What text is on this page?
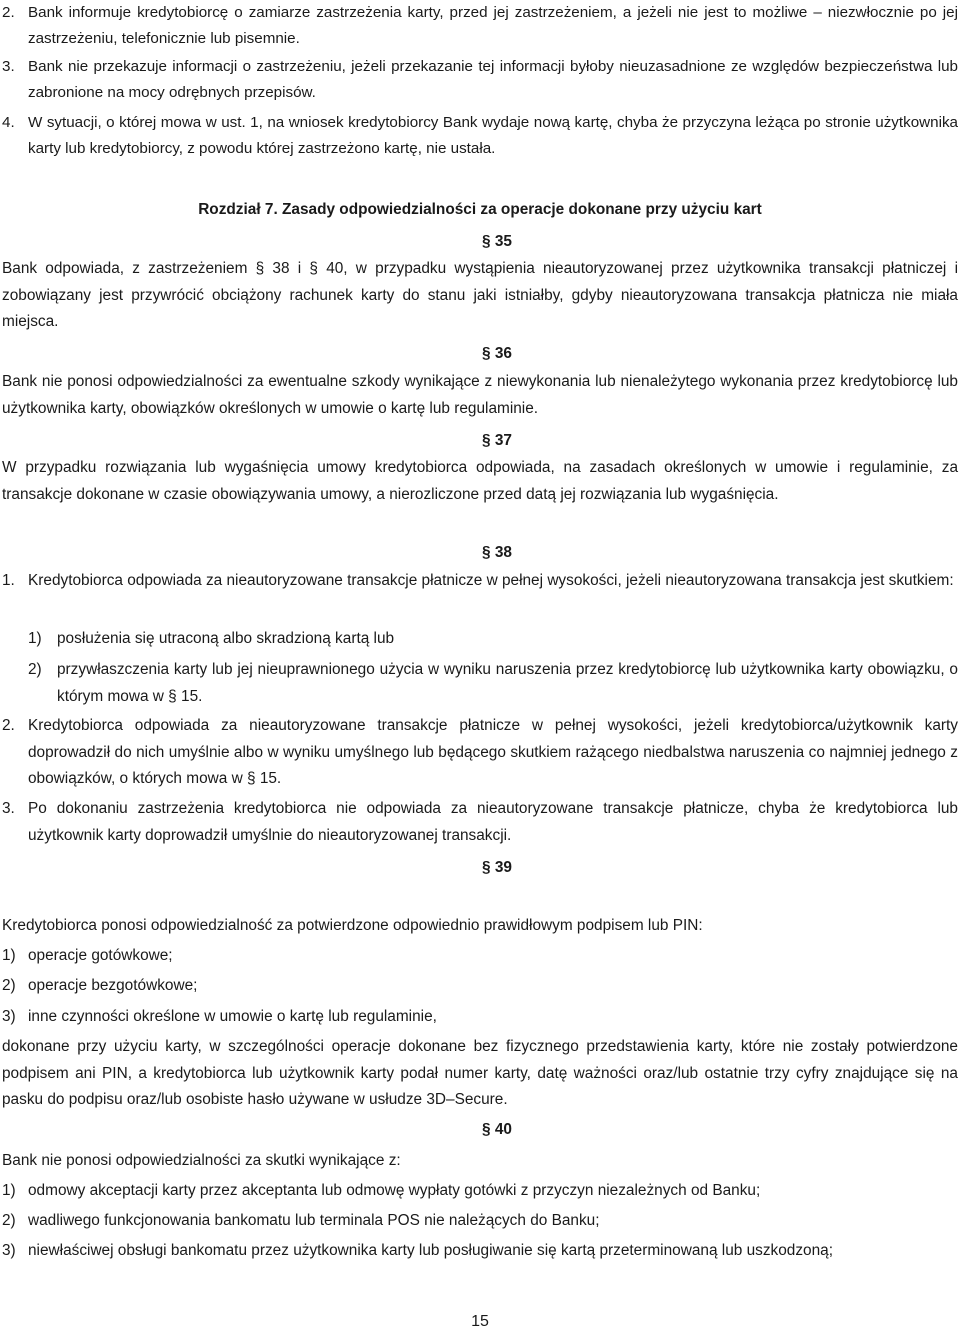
2. Bank informuje kredytobiorcę o zamiarze zastrzeżenia karty, przed jej zastrzeżeniem, a jeżeli nie jest to możliwe – niezwłocznie po jej zastrzeżeniu, telefonicznie lub pisemnie.
3. Bank nie przekazuje informacji o zastrzeżeniu, jeżeli przekazanie tej informacji byłoby nieuzasadnione ze względów bezpieczeństwa lub zabronione na mocy odrębnych przepisów.
4. W sytuacji, o której mowa w ust. 1, na wniosek kredytobiorcy Bank wydaje nową kartę, chyba że przyczyna leżąca po stronie użytkownika karty lub kredytobiorcy, z powodu której zastrzeżono kartę, nie ustała.
Rozdział 7. Zasady odpowiedzialności za operacje dokonane przy użyciu kart
§ 35
Bank odpowiada, z zastrzeżeniem § 38 i § 40, w przypadku wystąpienia nieautoryzowanej przez użytkownika transakcji płatniczej i zobowiązany jest przywrócić obciążony rachunek karty do stanu jaki istniałby, gdyby nieautoryzowana transakcja płatnicza nie miała miejsca.
§ 36
Bank nie ponosi odpowiedzialności za ewentualne szkody wynikające z niewykonania lub nienależytego wykonania przez kredytobiorcę lub użytkownika karty, obowiązków określonych w umowie o kartę lub regulaminie.
§ 37
W przypadku rozwiązania lub wygaśnięcia umowy kredytobiorca odpowiada, na zasadach określonych w umowie i regulaminie, za transakcje dokonane w czasie obowiązywania umowy, a nierozliczone przed datą jej rozwiązania lub wygaśnięcia.
§ 38
1. Kredytobiorca odpowiada za nieautoryzowane transakcje płatnicze w pełnej wysokości, jeżeli nieautoryzowana transakcja jest skutkiem:
1) posłużenia się utraconą albo skradzioną kartą lub
2) przywłaszczenia karty lub jej nieuprawnionego użycia w wyniku naruszenia przez kredytobiorcę lub użytkownika karty obowiązku, o którym mowa w § 15.
2. Kredytobiorca odpowiada za nieautoryzowane transakcje płatnicze w pełnej wysokości, jeżeli kredytobiorca/użytkownik karty doprowadził do nich umyślnie albo w wyniku umyślnego lub będącego skutkiem rażącego niedbalstwa naruszenia co najmniej jednego z obowiązków, o których mowa w § 15.
3. Po dokonaniu zastrzeżenia kredytobiorca nie odpowiada za nieautoryzowane transakcje płatnicze, chyba że kredytobiorca lub użytkownik karty doprowadził umyślnie do nieautoryzowanej transakcji.
§ 39
Kredytobiorca ponosi odpowiedzialność za potwierdzone odpowiednio prawidłowym podpisem lub PIN:
1) operacje gotówkowe;
2) operacje bezgotówkowe;
3) inne czynności określone w umowie o kartę lub regulaminie,
dokonane przy użyciu karty, w szczególności operacje dokonane bez fizycznego przedstawienia karty, które nie zostały potwierdzone podpisem ani PIN, a kredytobiorca lub użytkownik karty podał numer karty, datę ważności oraz/lub ostatnie trzy cyfry znajdujące się na pasku do podpisu oraz/lub osobiste hasło używane w usłudze 3D–Secure.
§ 40
Bank nie ponosi odpowiedzialności za skutki wynikające z:
1) odmowy akceptacji karty przez akceptanta lub odmowę wypłaty gotówki z przyczyn niezależnych od Banku;
2) wadliwego funkcjonowania bankomatu lub terminala POS nie należących do Banku;
3) niewłaściwej obsługi bankomatu przez użytkownika karty lub posługiwanie się kartą przeterminowaną lub uszkodzoną;
15
